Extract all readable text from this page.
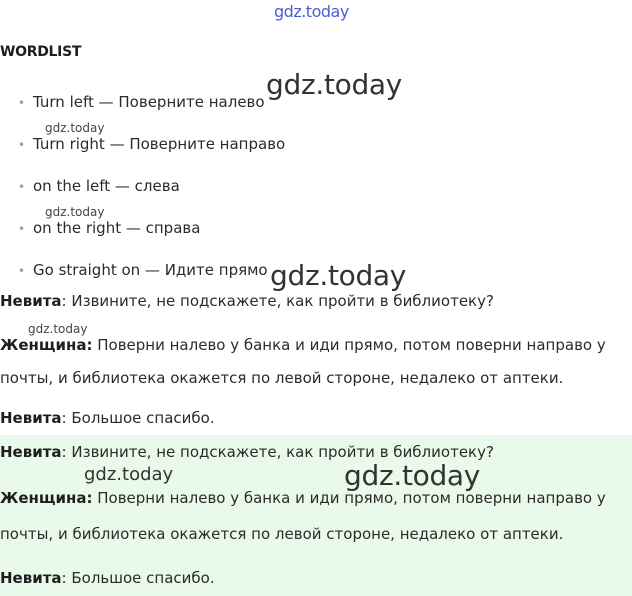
gdz.today
WORDLIST
• Turn left — Поверните налево
• Turn right — Поверните направо
• on the left — слева
• on the right — справа
• Go straight on — Идите прямо
gdz.today
gdz.today
gdz.today
gdz.today
Невита: Извините, не подскажете, как пройти в библиотеку?
gdz.today
Женщина: Поверни налево у банка и иди прямо, потом поверни направо у
почты, и библиотека окажется по левой стороне, недалеко от аптеки.
Невита: Большое спасибо.
Невита: Извините, не подскажете, как пройти в библиотеку?
gdz.today	gdz.today
Женщина: Поверни налево у банка и иди прямо, потом поверни направо у
почты, и библиотека окажется по левой стороне, недалеко от аптеки.
Невита: Большое спасибо.
